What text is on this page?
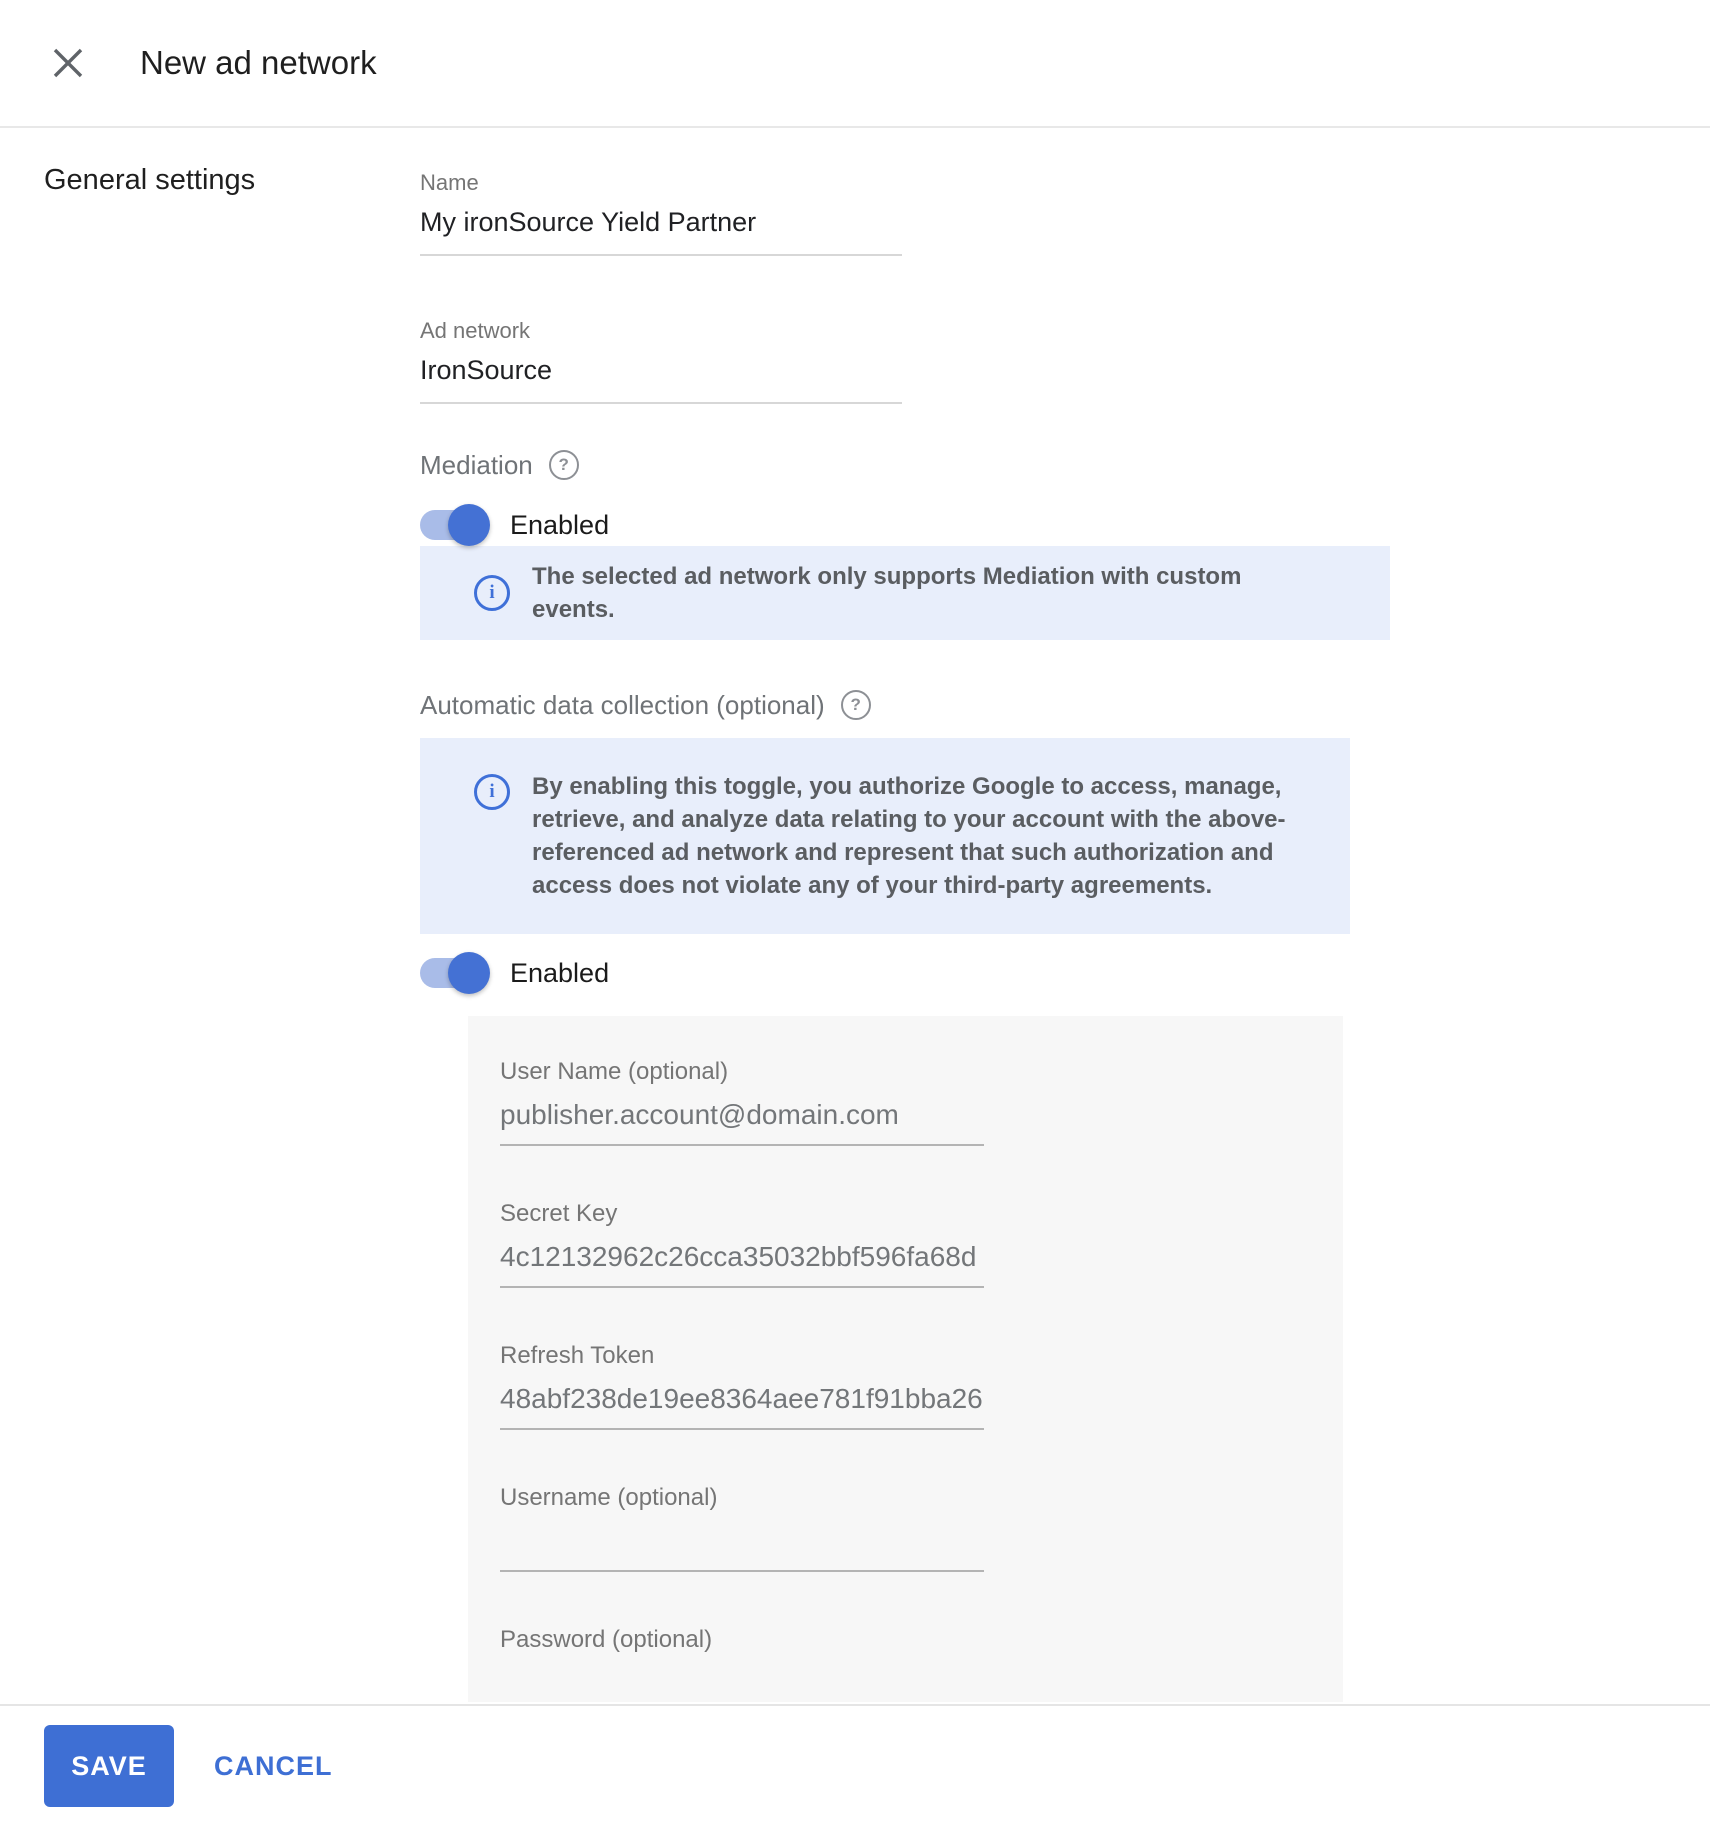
New ad network
General settings	Name
My ironSource Yield Partner
Ad network
IronSource
Mediation	?
Enabled
i
The selected ad network only supports Mediation with custom events.
Automatic data collection (optional)	?
i	By enabling this toggle, you authorize Google to access, manage, retrieve, and analyze data relating to your account with the above-referenced ad network and represent that such authorization and access does not violate any of your third-party agreements.
Enabled
User Name (optional)
publisher.account@domain.com
Secret Key
4c12132962c26cca35032bbf596fa68d
Refresh Token
48abf238de19ee8364aee781f91bba26
Username (optional)
Password (optional)
SAVE	CANCEL
